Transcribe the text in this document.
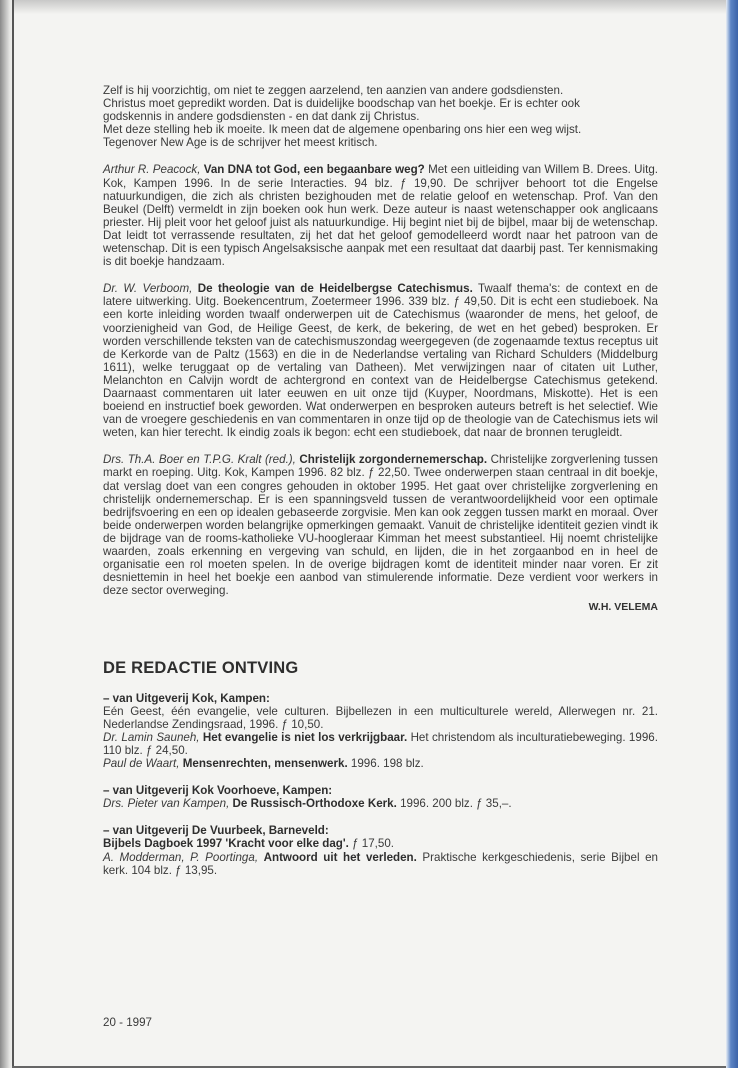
Zelf is hij voorzichtig, om niet te zeggen aarzelend, ten aanzien van andere godsdiensten.
Christus moet gepredikt worden. Dat is duidelijke boodschap van het boekje. Er is echter ook
godskennis in andere godsdiensten - en dat dank zij Christus.
Met deze stelling heb ik moeite. Ik meen dat de algemene openbaring ons hier een weg wijst.
Tegenover New Age is de schrijver het meest kritisch.

Arthur R. Peacock, Van DNA tot God, een begaanbare weg? Met een uitleiding van Willem B. Drees. Uitg. Kok, Kampen 1996. In de serie Interacties. 94 blz. ƒ 19,90. De schrijver behoort tot die Engelse natuurkundigen, die zich als christen bezighouden met de relatie geloof en wetenschap. Prof. Van den Beukel (Delft) vermeldt in zijn boeken ook hun werk. Deze auteur is naast wetenschapper ook anglicaans priester. Hij pleit voor het geloof juist als natuurkundige. Hij begint niet bij de bijbel, maar bij de wetenschap. Dat leidt tot verrassende resultaten, zij het dat het geloof gemodelleerd wordt naar het patroon van de wetenschap. Dit is een typisch Angelsaksische aanpak met een resultaat dat daarbij past. Ter kennismaking is dit boekje handzaam.

Dr. W. Verboom, De theologie van de Heidelbergse Catechismus. Twaalf thema's: de context en de latere uitwerking. Uitg. Boekencentrum, Zoetermeer 1996. 339 blz. ƒ 49,50. Dit is echt een studieboek. Na een korte inleiding worden twaalf onderwerpen uit de Catechismus (waaronder de mens, het geloof, de voorzienigheid van God, de Heilige Geest, de kerk, de bekering, de wet en het gebed) besproken. Er worden verschillende teksten van de catechismuszondag weergegeven (de zogenaamde textus receptus uit de Kerkorde van de Paltz (1563) en die in de Nederlandse vertaling van Richard Schulders (Middelburg 1611), welke teruggaat op de vertaling van Datheen). Met verwijzingen naar of citaten uit Luther, Melanchton en Calvijn wordt de achtergrond en context van de Heidelbergse Catechismus getekend. Daarnaast commentaren uit later eeuwen en uit onze tijd (Kuyper, Noordmans, Miskotte). Het is een boeiend en instructief boek geworden. Wat onderwerpen en besproken auteurs betreft is het selectief. Wie van de vroegere geschiedenis en van commentaren in onze tijd op de theologie van de Catechismus iets wil weten, kan hier terecht. Ik eindig zoals ik begon: echt een studieboek, dat naar de bronnen terugleidt.

Drs. Th.A. Boer en T.P.G. Kralt (red.), Christelijk zorgondernemerschap. Christelijke zorgverlening tussen markt en roeping. Uitg. Kok, Kampen 1996. 82 blz. ƒ 22,50. Twee onderwerpen staan centraal in dit boekje, dat verslag doet van een congres gehouden in oktober 1995. Het gaat over christelijke zorgverlening en christelijk ondernemerschap. Er is een spanningsveld tussen de verantwoordelijkheid voor een optimale bedrijfsvoering en een op idealen gebaseerde zorgvisie. Men kan ook zeggen tussen markt en moraal. Over beide onderwerpen worden belangrijke opmerkingen gemaakt. Vanuit de christelijke identiteit gezien vindt ik de bijdrage van de rooms-katholieke VU-hoogleraar Kimman het meest substantieel. Hij noemt christelijke waarden, zoals erkenning en vergeving van schuld, en lijden, die in het zorgaanbod en in heel de organisatie een rol moeten spelen. In de overige bijdragen komt de identiteit minder naar voren. Er zit desniettemin in heel het boekje een aanbod van stimulerende informatie. Deze verdient voor werkers in deze sector overweging.

W.H. VELEMA
DE REDACTIE ONTVING
– van Uitgeverij Kok, Kampen:
Eén Geest, één evangelie, vele culturen. Bijbellezen in een multiculturele wereld, Allerwegen nr. 21. Nederlandse Zendingsraad, 1996. ƒ 10,50.
Dr. Lamin Sauneh, Het evangelie is niet los verkrijgbaar. Het christendom als inculturatiebeweging. 1996. 110 blz. ƒ 24,50.
Paul de Waart, Mensenrechten, mensenwerk. 1996. 198 blz.
– van Uitgeverij Kok Voorhoeve, Kampen:
Drs. Pieter van Kampen, De Russisch-Orthodoxe Kerk. 1996. 200 blz. ƒ 35,–.
– van Uitgeverij De Vuurbeek, Barneveld:
Bijbels Dagboek 1997 'Kracht voor elke dag'. ƒ 17,50.
A. Modderman, P. Poortinga, Antwoord uit het verleden. Praktische kerkgeschiedenis, serie Bijbel en kerk. 104 blz. ƒ 13,95.
20 - 1997
